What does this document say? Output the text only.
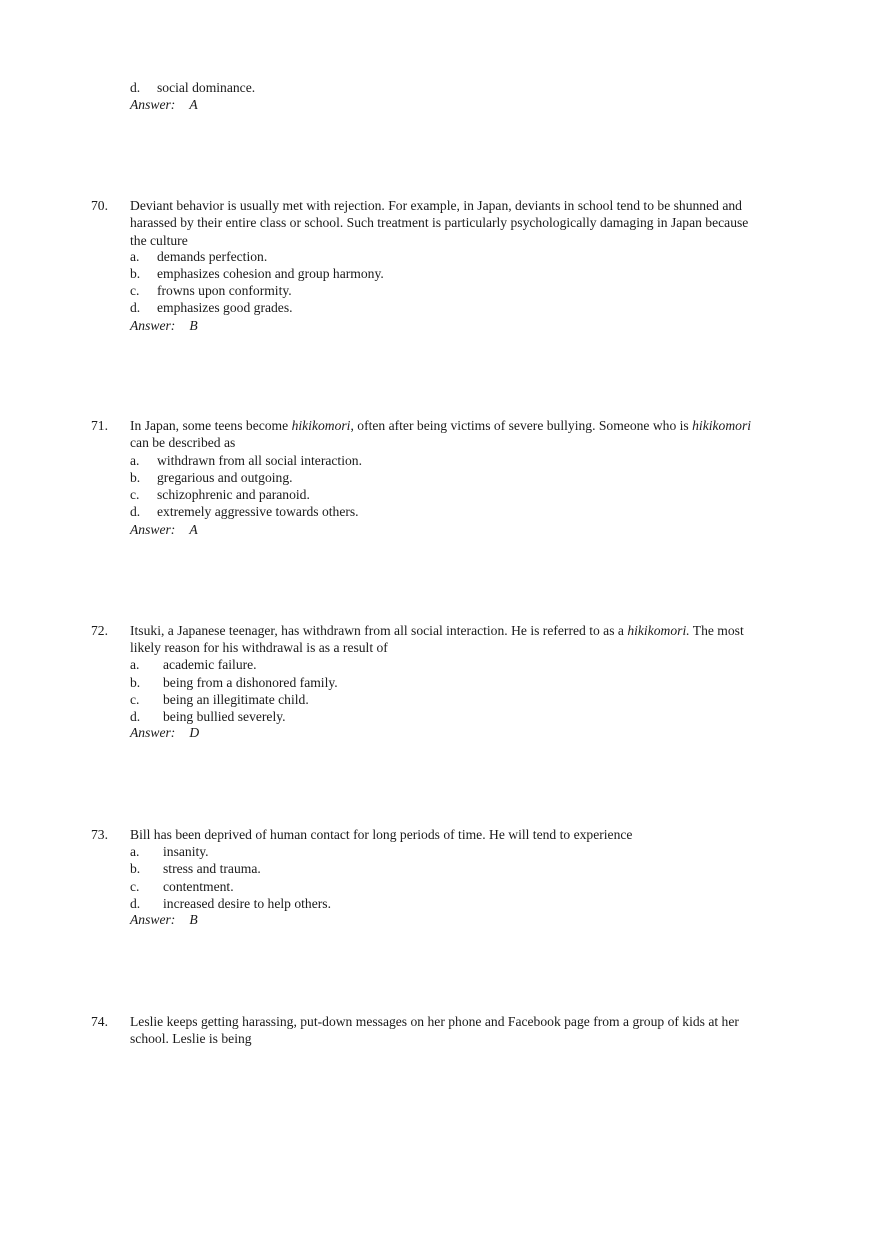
d. social dominance.
Answer: A
70. Deviant behavior is usually met with rejection. For example, in Japan, deviants in school tend to be shunned and
harassed by their entire class or school. Such treatment is particularly psychologically damaging in Japan because
the culture
a. demands perfection.
b. emphasizes cohesion and group harmony.
c. frowns upon conformity.
d. emphasizes good grades.
Answer: B
71. In Japan, some teens become hikikomori, often after being victims of severe bullying. Someone who is hikikomori
can be described as
a. withdrawn from all social interaction.
b. gregarious and outgoing.
c. schizophrenic and paranoid.
d. extremely aggressive towards others.
Answer: A
72. Itsuki, a Japanese teenager, has withdrawn from all social interaction. He is referred to as a hikikomori. The most
likely reason for his withdrawal is as a result of
a. academic failure.
b. being from a dishonored family.
c. being an illegitimate child.
d. being bullied severely.
Answer: D
73. Bill has been deprived of human contact for long periods of time. He will tend to experience
a. insanity.
b. stress and trauma.
c. contentment.
d. increased desire to help others.
Answer: B
74. Leslie keeps getting harassing, put-down messages on her phone and Facebook page from a group of kids at her
school. Leslie is being
